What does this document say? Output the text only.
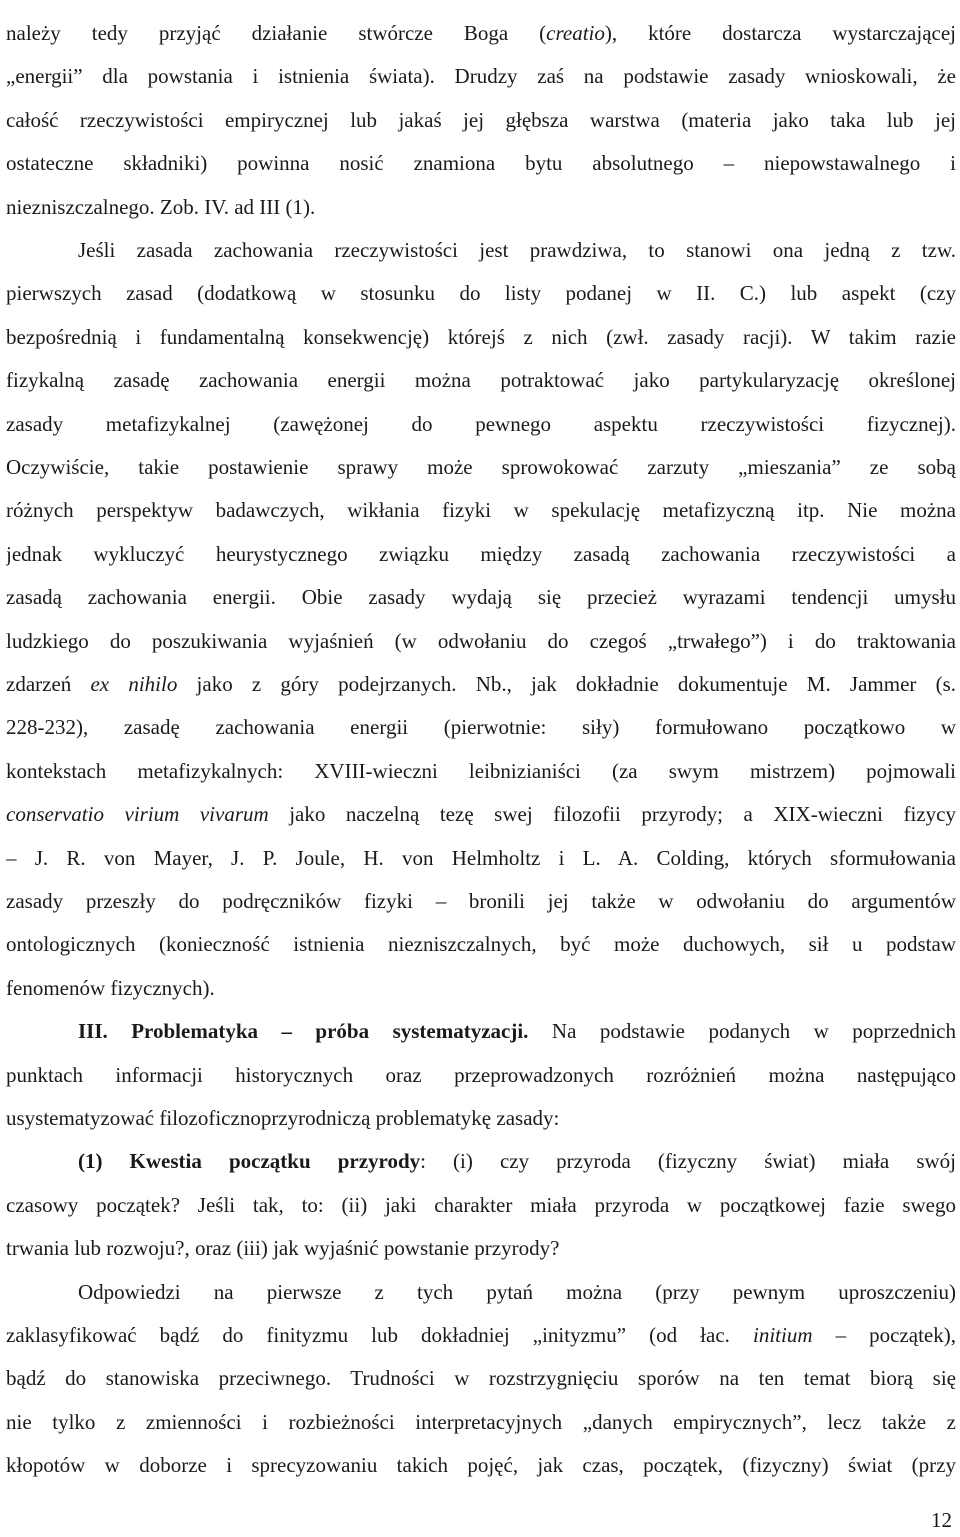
należy tedy przyjąć działanie stwórcze Boga (creatio), które dostarcza wystarczającej
„energii” dla powstania i istnienia świata). Drudzy zaś na podstawie zasady wnioskowali, że
całość rzeczywistości empirycznej lub jakaś jej głębsza warstwa (materia jako taka lub jej
ostateczne składniki) powinna nosić znamiona bytu absolutnego – niepowstawalnego i
niezniszczalnego. Zob. IV. ad III (1).
Jeśli zasada zachowania rzeczywistości jest prawdziwa, to stanowi ona jedną z tzw.
pierwszych zasad (dodatkową w stosunku do listy podanej w II. C.) lub aspekt (czy
bezpośrednią i fundamentalną konsekwencję) którejś z nich (zwł. zasady racji). W takim razie
fizykalną zasadę zachowania energii można potraktować jako partykularyzację określonej
zasady metafizykalnej (zawężonej do pewnego aspektu rzeczywistości fizycznej).
Oczywiście, takie postawienie sprawy może sprowokować zarzuty „mieszania” ze sobą
różnych perspektyw badawczych, wikłania fizyki w spekulację metafizyczną itp. Nie można
jednak wykluczyć heurystycznego związku między zasadą zachowania rzeczywistości a
zasadą zachowania energii. Obie zasady wydają się przecież wyrazami tendencji umysłu
ludzkiego do poszukiwania wyjaśnień (w odwołaniu do czegoś „trwałego”) i do traktowania
zdarzeń ex nihilo jako z góry podejrzanych. Nb., jak dokładnie dokumentuje M. Jammer (s.
228-232), zasadę zachowania energii (pierwotnie: siły) formułowano początkowo w
kontekstach metafizykalnych: XVIII-wieczni leibnizianiści (za swym mistrzem) pojmowali
conservatio virium vivarum jako naczelną tezę swej filozofii przyrody; a XIX-wieczni fizycy
– J. R. von Mayer, J. P. Joule, H. von Helmholtz i L. A. Colding, których sformułowania
zasady przeszły do podręczników fizyki – bronili jej także w odwołaniu do argumentów
ontologicznych (konieczność istnienia niezniszczalnych, być może duchowych, sił u podstaw
fenomenów fizycznych).
III. Problematyka – próba systematyzacji. Na podstawie podanych w poprzednich
punktach informacji historycznych oraz przeprowadzonych rozróżnień można następująco
usystematyzować filozoficznoprzyrodniczą problematykę zasady:
(1) Kwestia początku przyrody: (i) czy przyroda (fizyczny świat) miała swój
czasowy początek? Jeśli tak, to: (ii) jaki charakter miała przyroda w początkowej fazie swego
trwania lub rozwoju?, oraz (iii) jak wyjaśnić powstanie przyrody?
Odpowiedzi na pierwsze z tych pytań można (przy pewnym uproszczeniu)
zaklasyfikować bądź do finityzmu lub dokładniej „inityzmu” (od łac. initium – początek),
bądź do stanowiska przeciwnego. Trudności w rozstrzygnięciu sporów na ten temat biorą się
nie tylko z zmienności i rozbieżności interpretacyjnych „danych empirycznych”, lecz także z
kłopotów w doborze i sprecyzowaniu takich pojęć, jak czas, początek, (fizyczny) świat (przy
12
